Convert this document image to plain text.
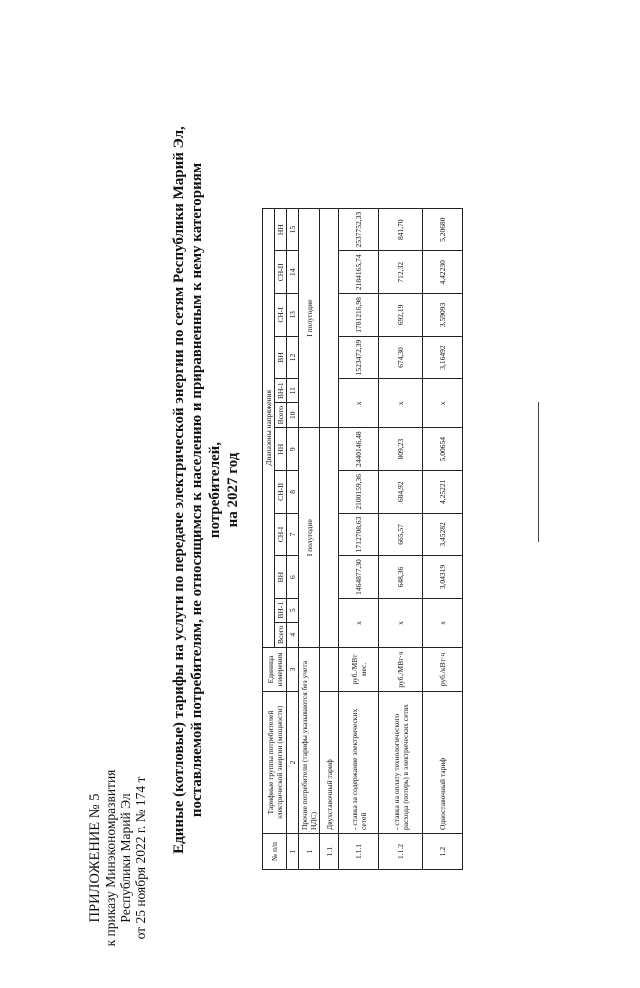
ПРИЛОЖЕНИЕ № 5 к приказу Минэкономразвития Республики Марий Эл от 25 ноября 2022 г. № 174 т
Единые (котловые) тарифы на услуги по передаче электрической энергии по сетям Республики Марий Эл, поставляемой потребителям, не относящимся к населению и приравненным к нему категориям потребителей, на 2027 год
№ п/п	Тарифные группы потребителей электрической энергии (мощности)	Единица измерения	Диапазоны напряжения											
			Всего	ВН-1	ВН	СН-I	СН-II	НН	Всего	ВН-1	ВН	СН-I	СН-II	НН
1	2	3	4	5	6	7	8	9	10	11	12	13	14	15
1	Прочие потребители (тарифы указываются без учета НДС)		I полугодие						I полугодие					
1.1	Двухставочный тариф													
1.1.1	- ставка за содержание электрических сетей	руб./МВт мес.	х		1464877,30	1712708,63	2100159,36	2440146,48	х		1523472,39	1781216,98	2184165,74	2537752,33
1.1.2	- ставка на оплату технологического расхода (потерь) в электрических сетях	руб./МВт·ч	х		648,36	665,57	684,92	809,23	х		674,30	692,19	712,32	841,70
1.2	Одноставочный тариф	руб./кВт·ч	х		3,04319	3,45282	4,25221	5,00654	х		3,16492	3,59093	4,42230	5,20680
